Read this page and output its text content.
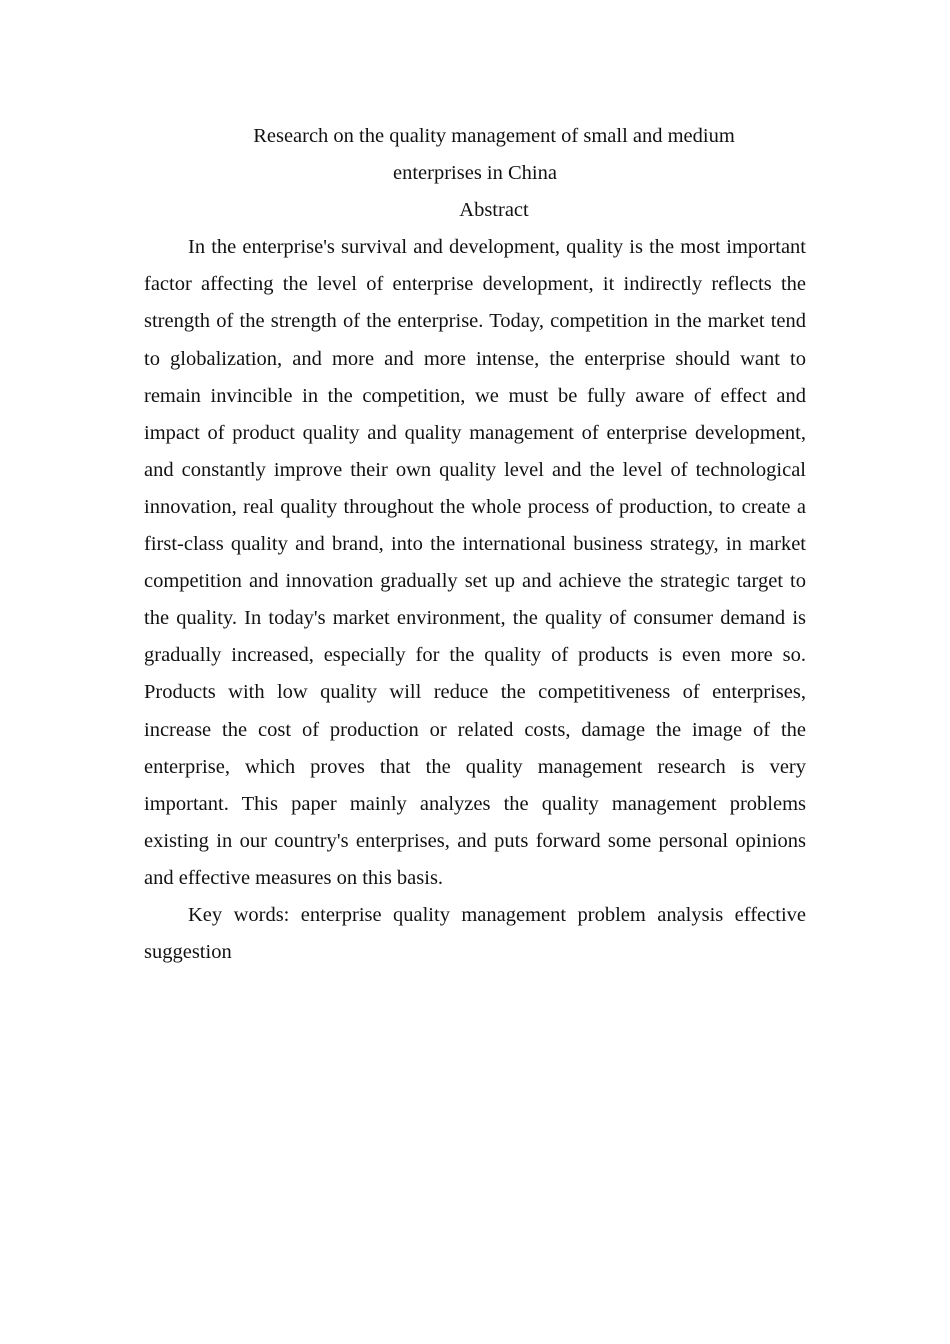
Research on the quality management of small and medium

enterprises in China

Abstract

In the enterprise's survival and development, quality is the most important factor affecting the level of enterprise development, it indirectly reflects the strength of the strength of the enterprise. Today, competition in the market tend to globalization, and more and more intense, the enterprise should want to remain invincible in the competition, we must be fully aware of effect and impact of product quality and quality management of enterprise development, and constantly improve their own quality level and the level of technological innovation, real quality throughout the whole process of production, to create a first-class quality and brand, into the international business strategy, in market competition and innovation gradually set up and achieve the strategic target to the quality. In today's market environment, the quality of consumer demand is gradually increased, especially for the quality of products is even more so. Products with low quality will reduce the competitiveness of enterprises, increase the cost of production or related costs, damage the image of the enterprise, which proves that the quality management research is very important. This paper mainly analyzes the quality management problems existing in our country's enterprises, and puts forward some personal opinions and effective measures on this basis.

Key words: enterprise quality management problem analysis effective suggestion
